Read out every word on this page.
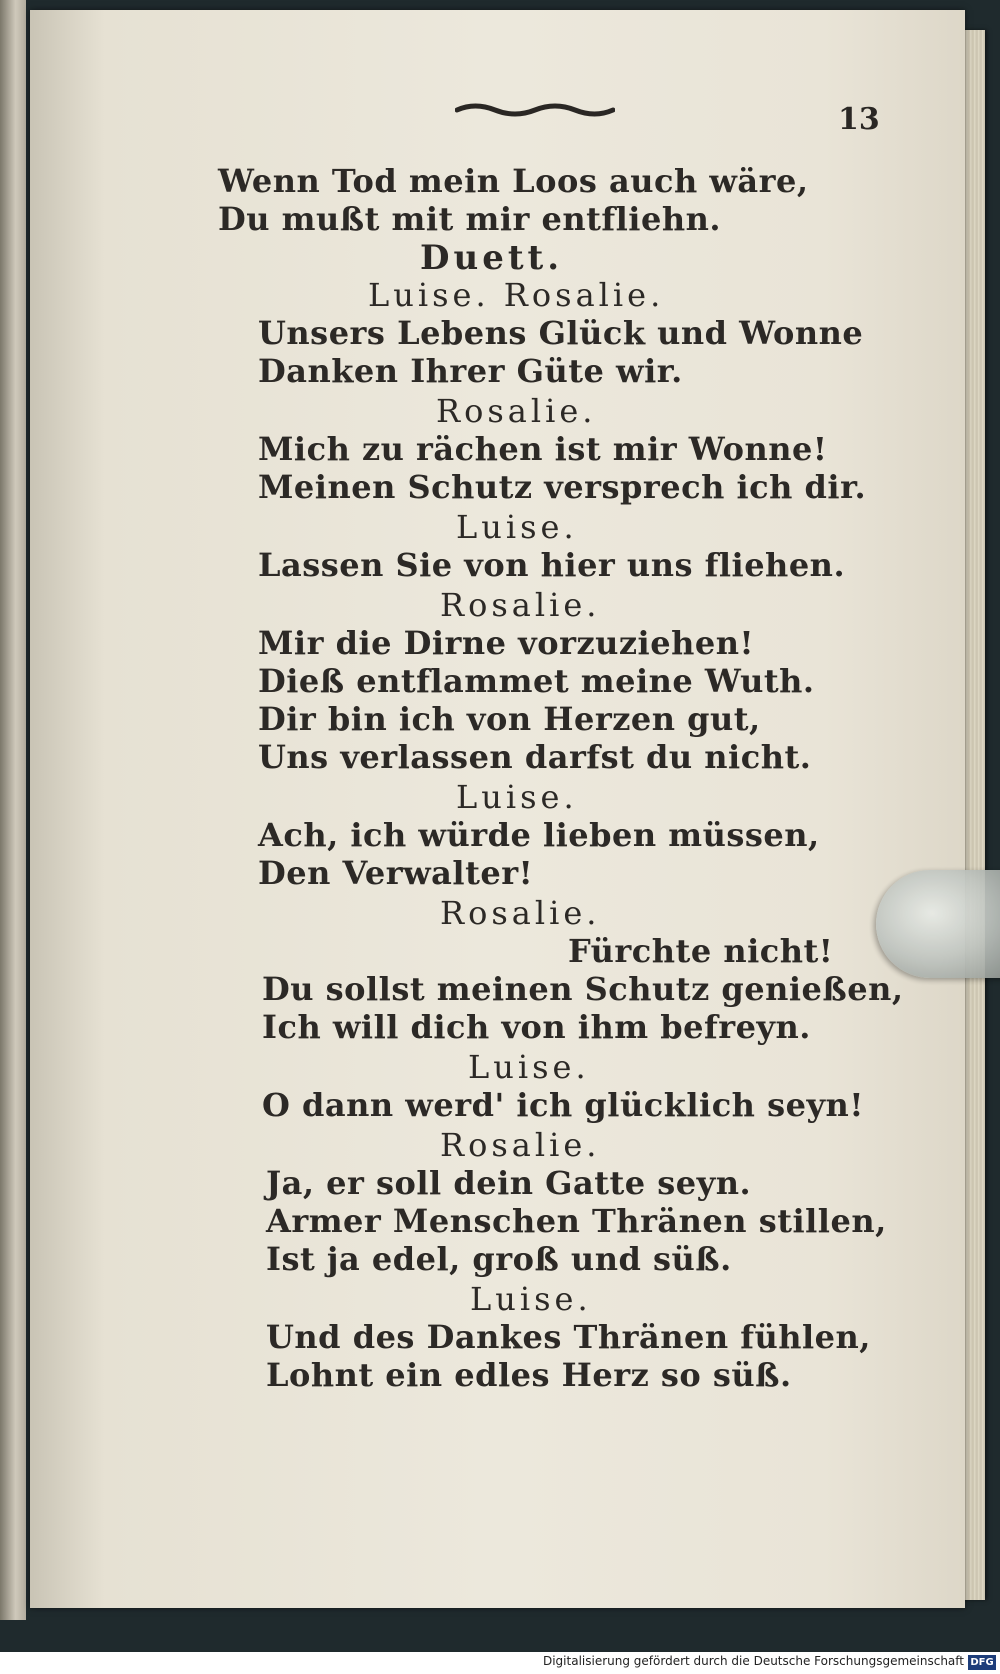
13
Wenn Tod mein Loos auch wäre,
Du mußt mit mir entfliehn.
Duett.
Luise. Rosalie.
Unsers Lebens Glück und Wonne
Danken Ihrer Güte wir.
Rosalie.
Mich zu rächen ist mir Wonne!
Meinen Schutz versprech ich dir.
Luise.
Lassen Sie von hier uns fliehen.
Rosalie.
Mir die Dirne vorzuziehen!
Dieß entflammet meine Wuth.
Dir bin ich von Herzen gut,
Uns verlassen darfst du nicht.
Luise.
Ach, ich würde lieben müssen,
Den Verwalter!
Rosalie.
Fürchte nicht!
Du sollst meinen Schutz genießen,
Ich will dich von ihm befreyn.
Luise.
O dann werd' ich glücklich seyn!
Rosalie.
Ja, er soll dein Gatte seyn.
Armer Menschen Thränen stillen,
Ist ja edel, groß und süß.
Luise.
Und des Dankes Thränen fühlen,
Lohnt ein edles Herz so süß.
Digitalisierung gefördert durch die Deutsche Forschungsgemeinschaft DFG
